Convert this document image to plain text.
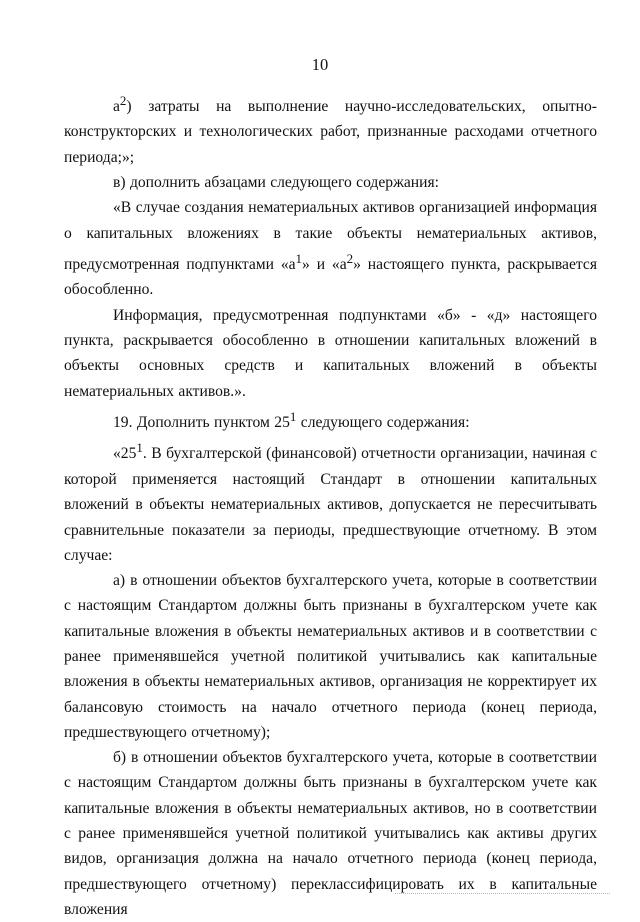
10

$а^2$) затраты на выполнение научно-исследовательских, опытно-конструкторских и технологических работ, признанные расходами отчетного периода;»;

в) дополнить абзацами следующего содержания:

«В случае создания нематериальных активов организацией информация о капитальных вложениях в такие объекты нематериальных активов, предусмотренная подпунктами «$а^1$» и «$а^2$» настоящего пункта, раскрывается обособленно.

Информация, предусмотренная подпунктами «б» - «д» настоящего пункта, раскрывается обособленно в отношении капитальных вложений в объекты основных средств и капитальных вложений в объекты нематериальных активов.».

19. Дополнить пунктом $25^1$ следующего содержания:

«$25^1$. В бухгалтерской (финансовой) отчетности организации, начиная с которой применяется настоящий Стандарт в отношении капитальных вложений в объекты нематериальных активов, допускается не пересчитывать сравнительные показатели за периоды, предшествующие отчетному. В этом случае:

а) в отношении объектов бухгалтерского учета, которые в соответствии с настоящим Стандартом должны быть признаны в бухгалтерском учете как капитальные вложения в объекты нематериальных активов и в соответствии с ранее применявшейся учетной политикой учитывались как капитальные вложения в объекты нематериальных активов, организация не корректирует их балансовую стоимость на начало отчетного периода (конец периода, предшествующего отчетному);

б) в отношении объектов бухгалтерского учета, которые в соответствии с настоящим Стандартом должны быть признаны в бухгалтерском учете как капитальные вложения в объекты нематериальных активов, но в соответствии с ранее применявшейся учетной политикой учитывались как активы других видов, организация должна на начало отчетного периода (конец периода, предшествующего отчетному) переклассифицировать их в капитальные вложения
